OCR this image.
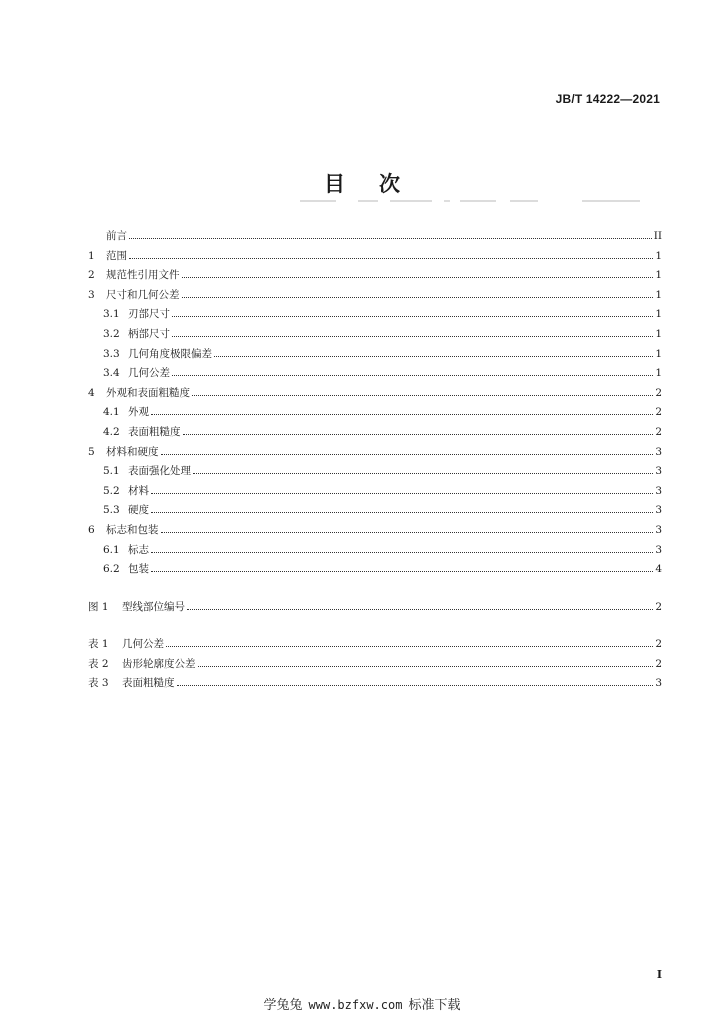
JB/T 14222—2021
目 次
前言	II
1	范围	1
2	规范性引用文件	1
3	尺寸和几何公差	1
3.1 刃部尺寸	1
3.2 柄部尺寸	1
3.3 几何角度极限偏差	1
3.4 几何公差	1
4	外观和表面粗糙度	2
4.1 外观	2
4.2 表面粗糙度	2
5	材料和硬度	3
5.1 表面强化处理	3
5.2 材料	3
5.3 硬度	3
6	标志和包装	3
6.1 标志	3
6.2 包装	4
图 1	型线部位编号	2
表 1	几何公差	2
表 2	齿形轮廓度公差	2
表 3	表面粗糙度	3
I
学兔兔 www.bzfxw.com 标准下载
